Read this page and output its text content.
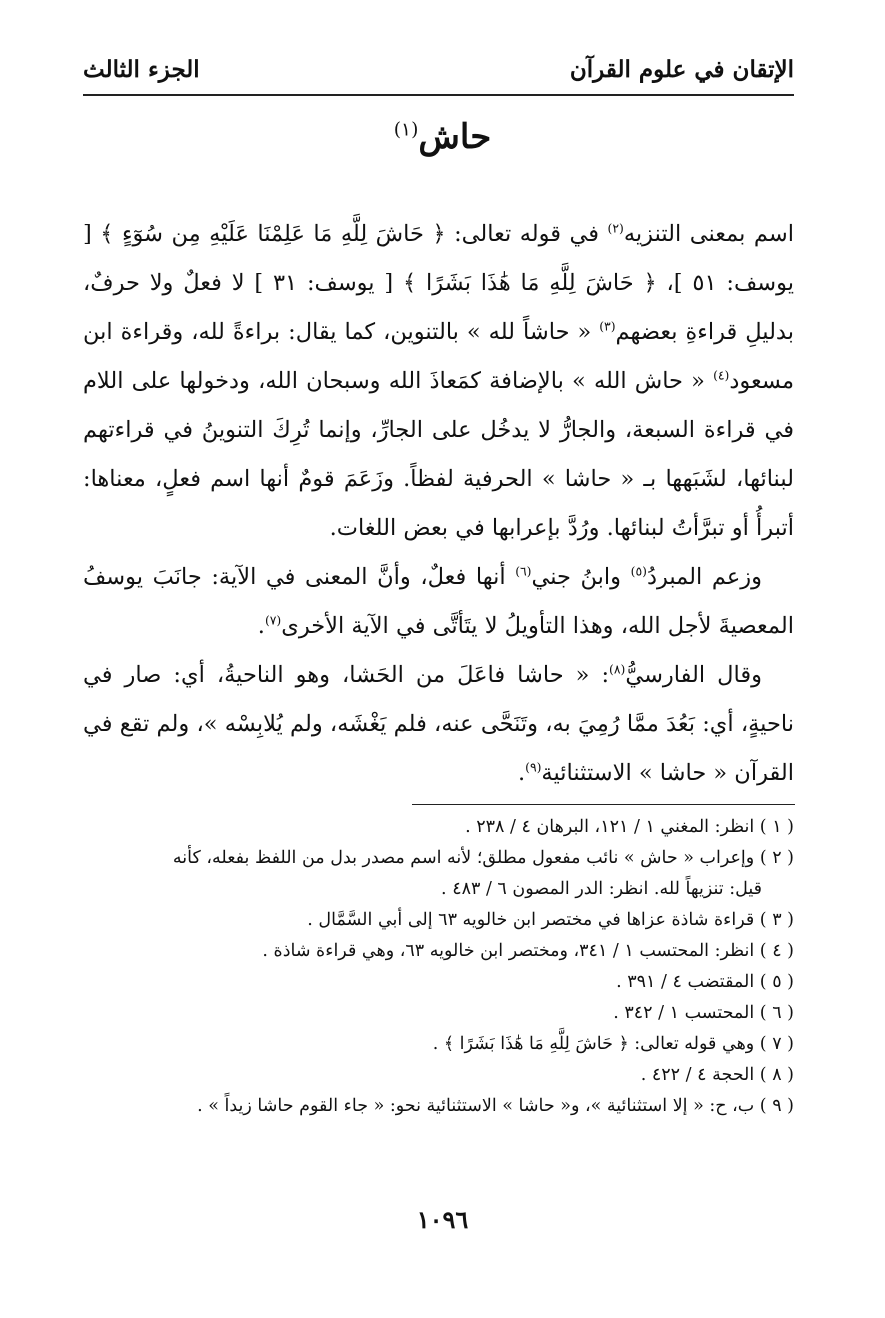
الإتقان في علوم القرآن
الجزء الثالث
حاش$^{(١)}$

اسم بمعنى التنزيه$^{(٢)}$ في قوله تعالى: ﴿ حَاشَ لِلَّهِ مَا عَلِمْنَا عَلَيْهِ مِن سُوٓءٍ ﴾ [ يوسف: ٥١ ]، ﴿ حَاشَ لِلَّهِ مَا هَٰذَا بَشَرًا ﴾ [ يوسف: ٣١ ] لا فعلٌ ولا حرفٌ، بدليلِ قراءةِ بعضهم$^{(٣)}$ « حاشاً لله » بالتنوين، كما يقال: براءةً لله، وقراءة ابن مسعود$^{(٤)}$ « حاش الله » بالإضافة كمَعاذَ الله وسبحان الله، ودخولها على اللام في قراءة السبعة، والجارُّ لا يدخُل على الجارِّ، وإنما تُرِكَ التنوينُ في قراءتهم لبنائها، لشَبَهها بـ « حاشا » الحرفية لفظاً. وزَعَمَ قومٌ أنها اسم فعلٍ، معناها: أتبرأُ أو تبرَّأتُ لبنائها. ورُدَّ بإعرابها في بعض اللغات.

وزعم المبردُ$^{(٥)}$ وابنُ جني$^{(٦)}$ أنها فعلٌ، وأنَّ المعنى في الآية: جانَبَ يوسفُ المعصيةَ لأجل الله، وهذا التأويلُ لا يتَأتَّى في الآية الأخرى$^{(٧)}$.

وقال الفارسيُّ$^{(٨)}$: « حاشا فاعَلَ من الحَشا، وهو الناحيةُ، أي: صار في ناحيةٍ، أي: بَعُدَ ممَّا رُمِيَ به، وتَنَحَّى عنه، فلم يَغْشَه، ولم يُلابِسْه »، ولم تقع في القرآن « حاشا » الاستثنائية$^{(٩)}$.

( ١ ) انظر: المغني ١ / ١٢١، البرهان ٤ / ٢٣٨ .

( ٢ ) وإعراب « حاش » نائب مفعول مطلق؛ لأنه اسم مصدر بدل من اللفظ بفعله، كأنه

قيل: تنزيهاً لله. انظر: الدر المصون ٦ / ٤٨٣ .

( ٣ ) قراءة شاذة عزاها في مختصر ابن خالويه ٦٣ إلى أبي السَّمَّال .

( ٤ ) انظر: المحتسب ١ / ٣٤١، ومختصر ابن خالويه ٦٣، وهي قراءة شاذة .

( ٥ ) المقتضب ٤ / ٣٩١ .

( ٦ ) المحتسب ١ / ٣٤٢ .

( ٧ ) وهي قوله تعالى: ﴿ حَاشَ لِلَّهِ مَا هَٰذَا بَشَرًا ﴾ .

( ٨ ) الحجة ٤ / ٤٢٢ .

( ٩ ) ب، ح: « إلا استثنائية »، و« حاشا » الاستثنائية نحو: « جاء القوم حاشا زيداً » .

١٠٩٦
